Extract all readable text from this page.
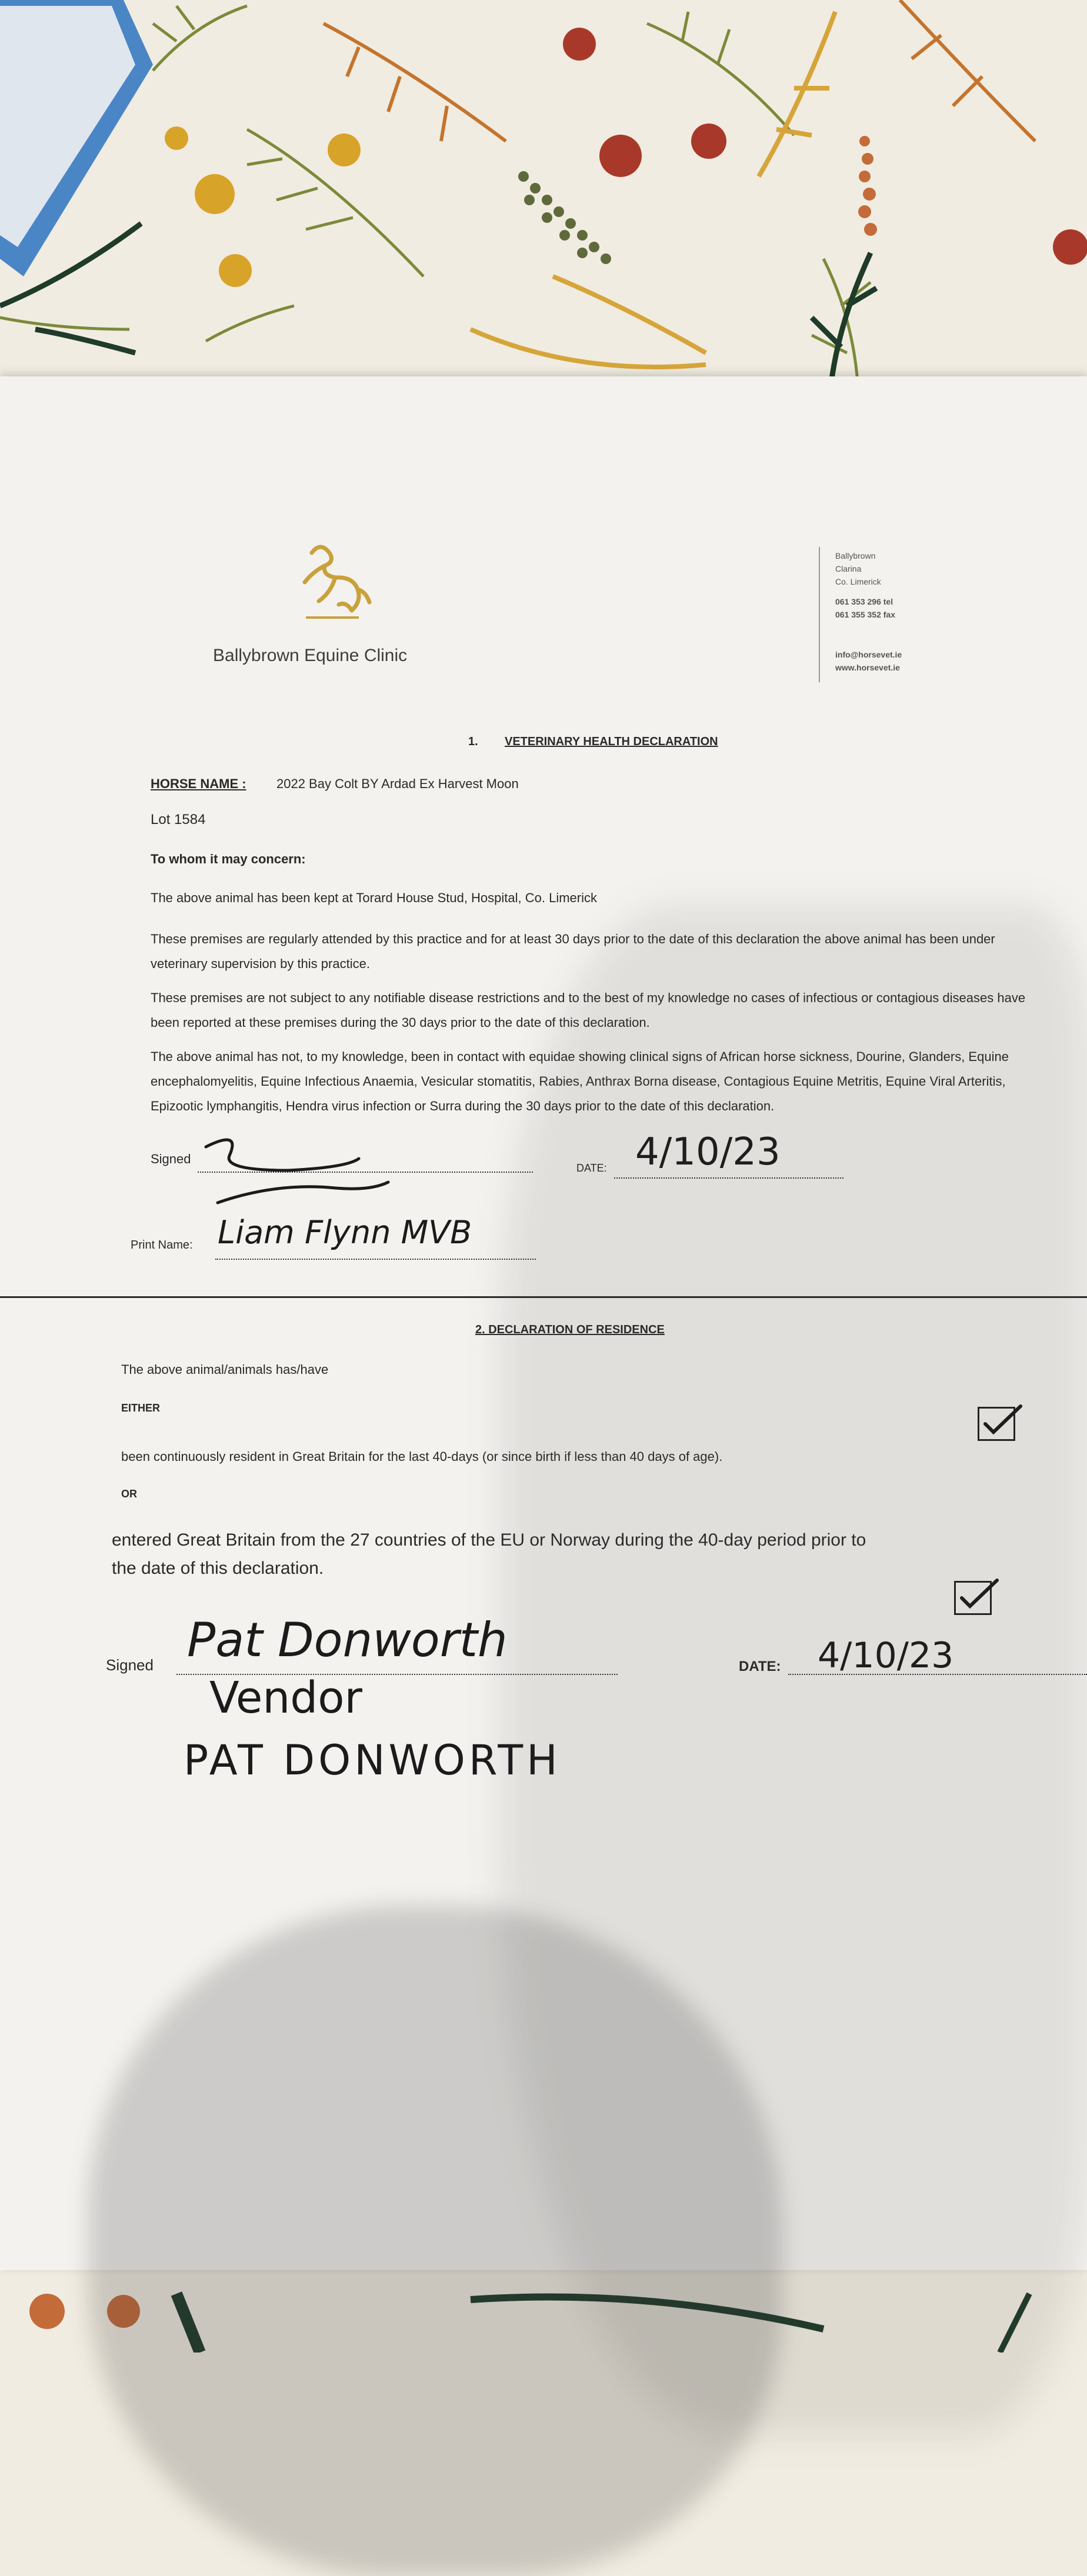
Ballybrown Equine Clinic
Ballybrown
Clarina
Co. Limerick
061 353 296 tel
061 355 352 fax
info@horsevet.ie
www.horsevet.ie
1. VETERINARY HEALTH DECLARATION
HORSE NAME : 2022 Bay Colt BY Ardad Ex Harvest Moon
Lot 1584
To whom it may concern:
The above animal has been kept at Torard House Stud, Hospital, Co. Limerick
These premises are regularly attended by this practice and for at least 30 days prior to the date of this declaration the above animal has been under veterinary supervision by this practice.
These premises are not subject to any notifiable disease restrictions and to the best of my knowledge no cases of infectious or contagious diseases have been reported at these premises during the 30 days prior to the date of this declaration.
The above animal has not, to my knowledge, been in contact with equidae showing clinical signs of African horse sickness, Dourine, Glanders, Equine encephalomyelitis, Equine Infectious Anaemia, Vesicular stomatitis, Rabies, Anthrax Borna disease, Contagious Equine Metritis, Equine Viral Arteritis, Epizootic lymphangitis, Hendra virus infection or Surra during the 30 days prior to the date of this declaration.
Signed
DATE: 4/10/23
Print Name: Liam Flynn MVB
2. DECLARATION OF RESIDENCE
The above animal/animals has/have
EITHER
been continuously resident in Great Britain for the last 40-days (or since birth if less than 40 days of age).
OR
entered Great Britain from the 27 countries of the EU or Norway during the 40-day period prior to
the date of this declaration.
Signed Pat Donworth	DATE: 4/10/23
Vendor
PAT DONWORTH
